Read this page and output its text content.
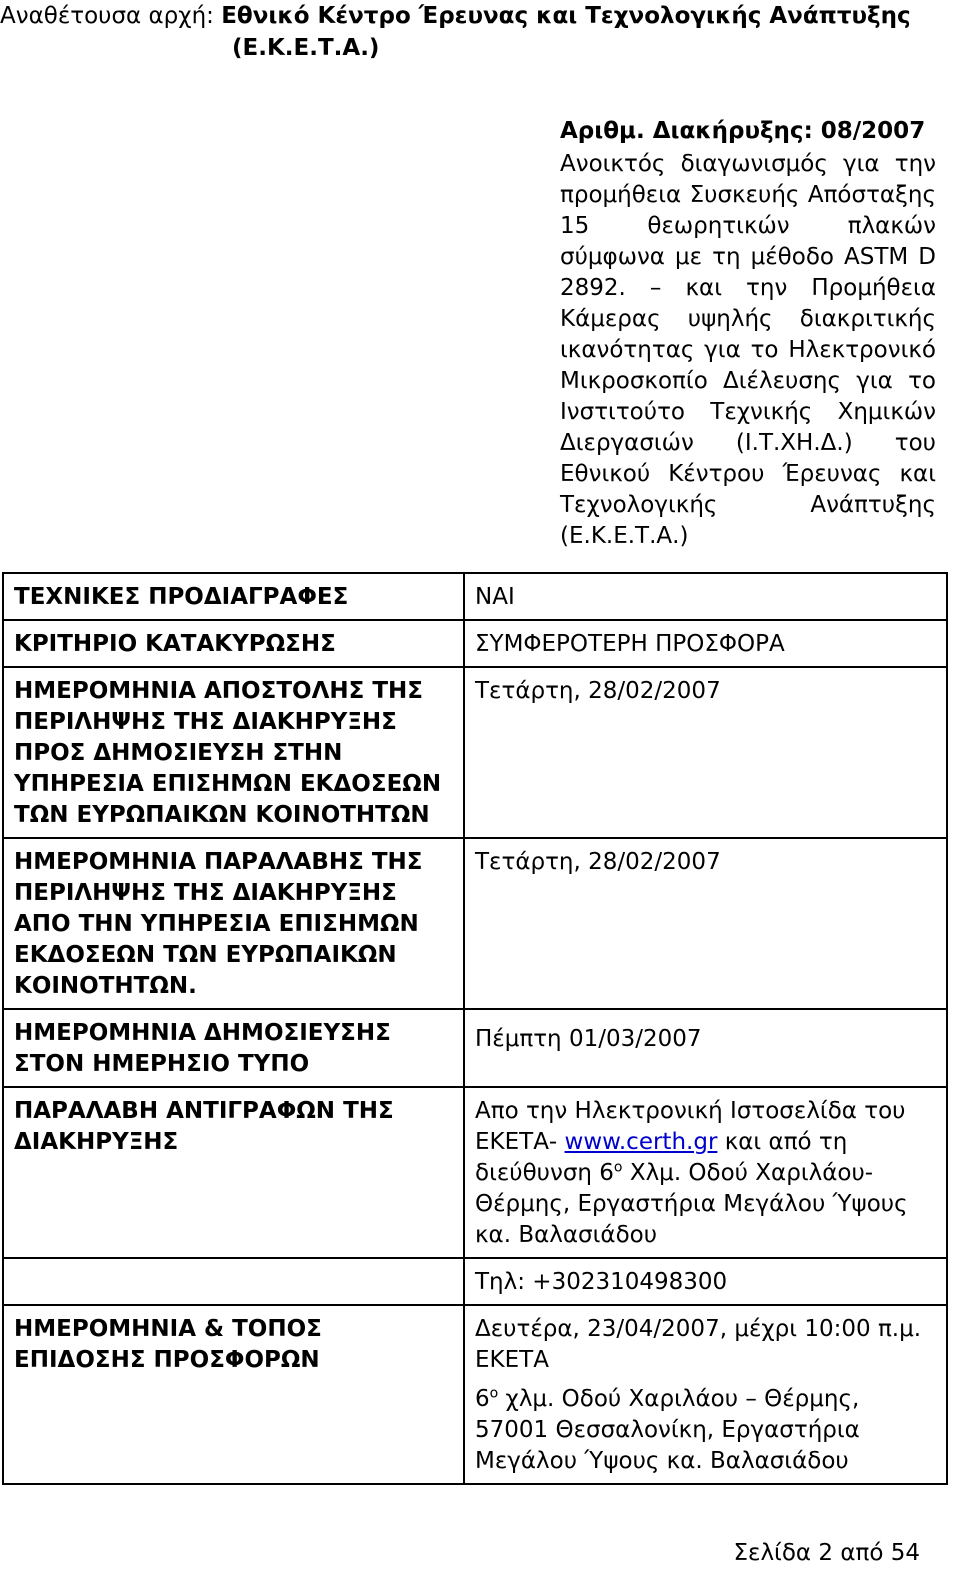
Αναθέτουσα αρχή: Εθνικό Κέντρο Έρευνας και Τεχνολογικής Ανάπτυξης
(Ε.Κ.Ε.Τ.Α.)
Αριθμ. Διακήρυξης: 08/2007
Ανοικτός διαγωνισμός για την προμήθεια Συσκευής Απόσταξης 15 θεωρητικών πλακών σύμφωνα με τη μέθοδο ASTM D 2892. – και την Προμήθεια Κάμερας υψηλής διακριτικής ικανότητας για το Ηλεκτρονικό Μικροσκοπίο Διέλευσης για το Ινστιτούτο Τεχνικής Χημικών Διεργασιών (Ι.Τ.ΧΗ.Δ.) του Εθνικού Κέντρου Έρευνας και Τεχνολογικής Ανάπτυξης (Ε.Κ.Ε.Τ.Α.)
ΤΕΧΝΙΚΕΣ ΠΡΟΔΙΑΓΡΑΦΕΣ	ΝΑΙ
ΚΡΙΤΗΡΙΟ ΚΑΤΑΚΥΡΩΣΗΣ	ΣΥΜΦΕΡΟΤΕΡΗ ΠΡΟΣΦΟΡΑ
ΗΜΕΡΟΜΗΝΙΑ ΑΠΟΣΤΟΛΗΣ ΤΗΣ ΠΕΡΙΛΗΨΗΣ ΤΗΣ ΔΙΑΚΗΡΥΞΗΣ ΠΡΟΣ ΔΗΜΟΣΙΕΥΣΗ ΣΤΗΝ ΥΠΗΡΕΣΙΑ ΕΠΙΣΗΜΩΝ ΕΚΔΟΣΕΩΝ ΤΩΝ ΕΥΡΩΠΑΙΚΩΝ ΚΟΙΝΟΤΗΤΩΝ	Τετάρτη, 28/02/2007
ΗΜΕΡΟΜΗΝΙΑ ΠΑΡΑΛΑΒΗΣ ΤΗΣ ΠΕΡΙΛΗΨΗΣ ΤΗΣ ΔΙΑΚΗΡΥΞΗΣ ΑΠΟ ΤΗΝ ΥΠΗΡΕΣΙΑ ΕΠΙΣΗΜΩΝ ΕΚΔΟΣΕΩΝ ΤΩΝ ΕΥΡΩΠΑΙΚΩΝ ΚΟΙΝΟΤΗΤΩΝ.	Τετάρτη, 28/02/2007
ΗΜΕΡΟΜΗΝΙΑ ΔΗΜΟΣΙΕΥΣΗΣ ΣΤΟΝ ΗΜΕΡΗΣΙΟ ΤΥΠΟ	Πέμπτη 01/03/2007
ΠΑΡΑΛΑΒΗ ΑΝΤΙΓΡΑΦΩΝ ΤΗΣ ΔΙΑΚΗΡΥΞΗΣ	Απο την Ηλεκτρονική Ιστοσελίδα του ΕΚΕΤΑ- www.certh.gr και από τη διεύθυνση $6^o$ Χλμ. Οδού Χαριλάου-Θέρμης, Εργαστήρια Μεγάλου Ύψους κα. Βαλασιάδου

	Τηλ: +302310498300
ΗΜΕΡΟΜΗΝΙΑ & ΤΟΠΟΣ ΕΠΙΔΟΣΗΣ ΠΡΟΣΦΟΡΩΝ	Δευτέρα, 23/04/2007, μέχρι 10:00 π.μ.
ΕΚΕΤΑ
$6^o$ χλμ. Οδού Χαριλάου – Θέρμης, 57001 Θεσσαλονίκη, Εργαστήρια Μεγάλου Ύψους κα. Βαλασιάδου
Σελίδα 2 από 54
